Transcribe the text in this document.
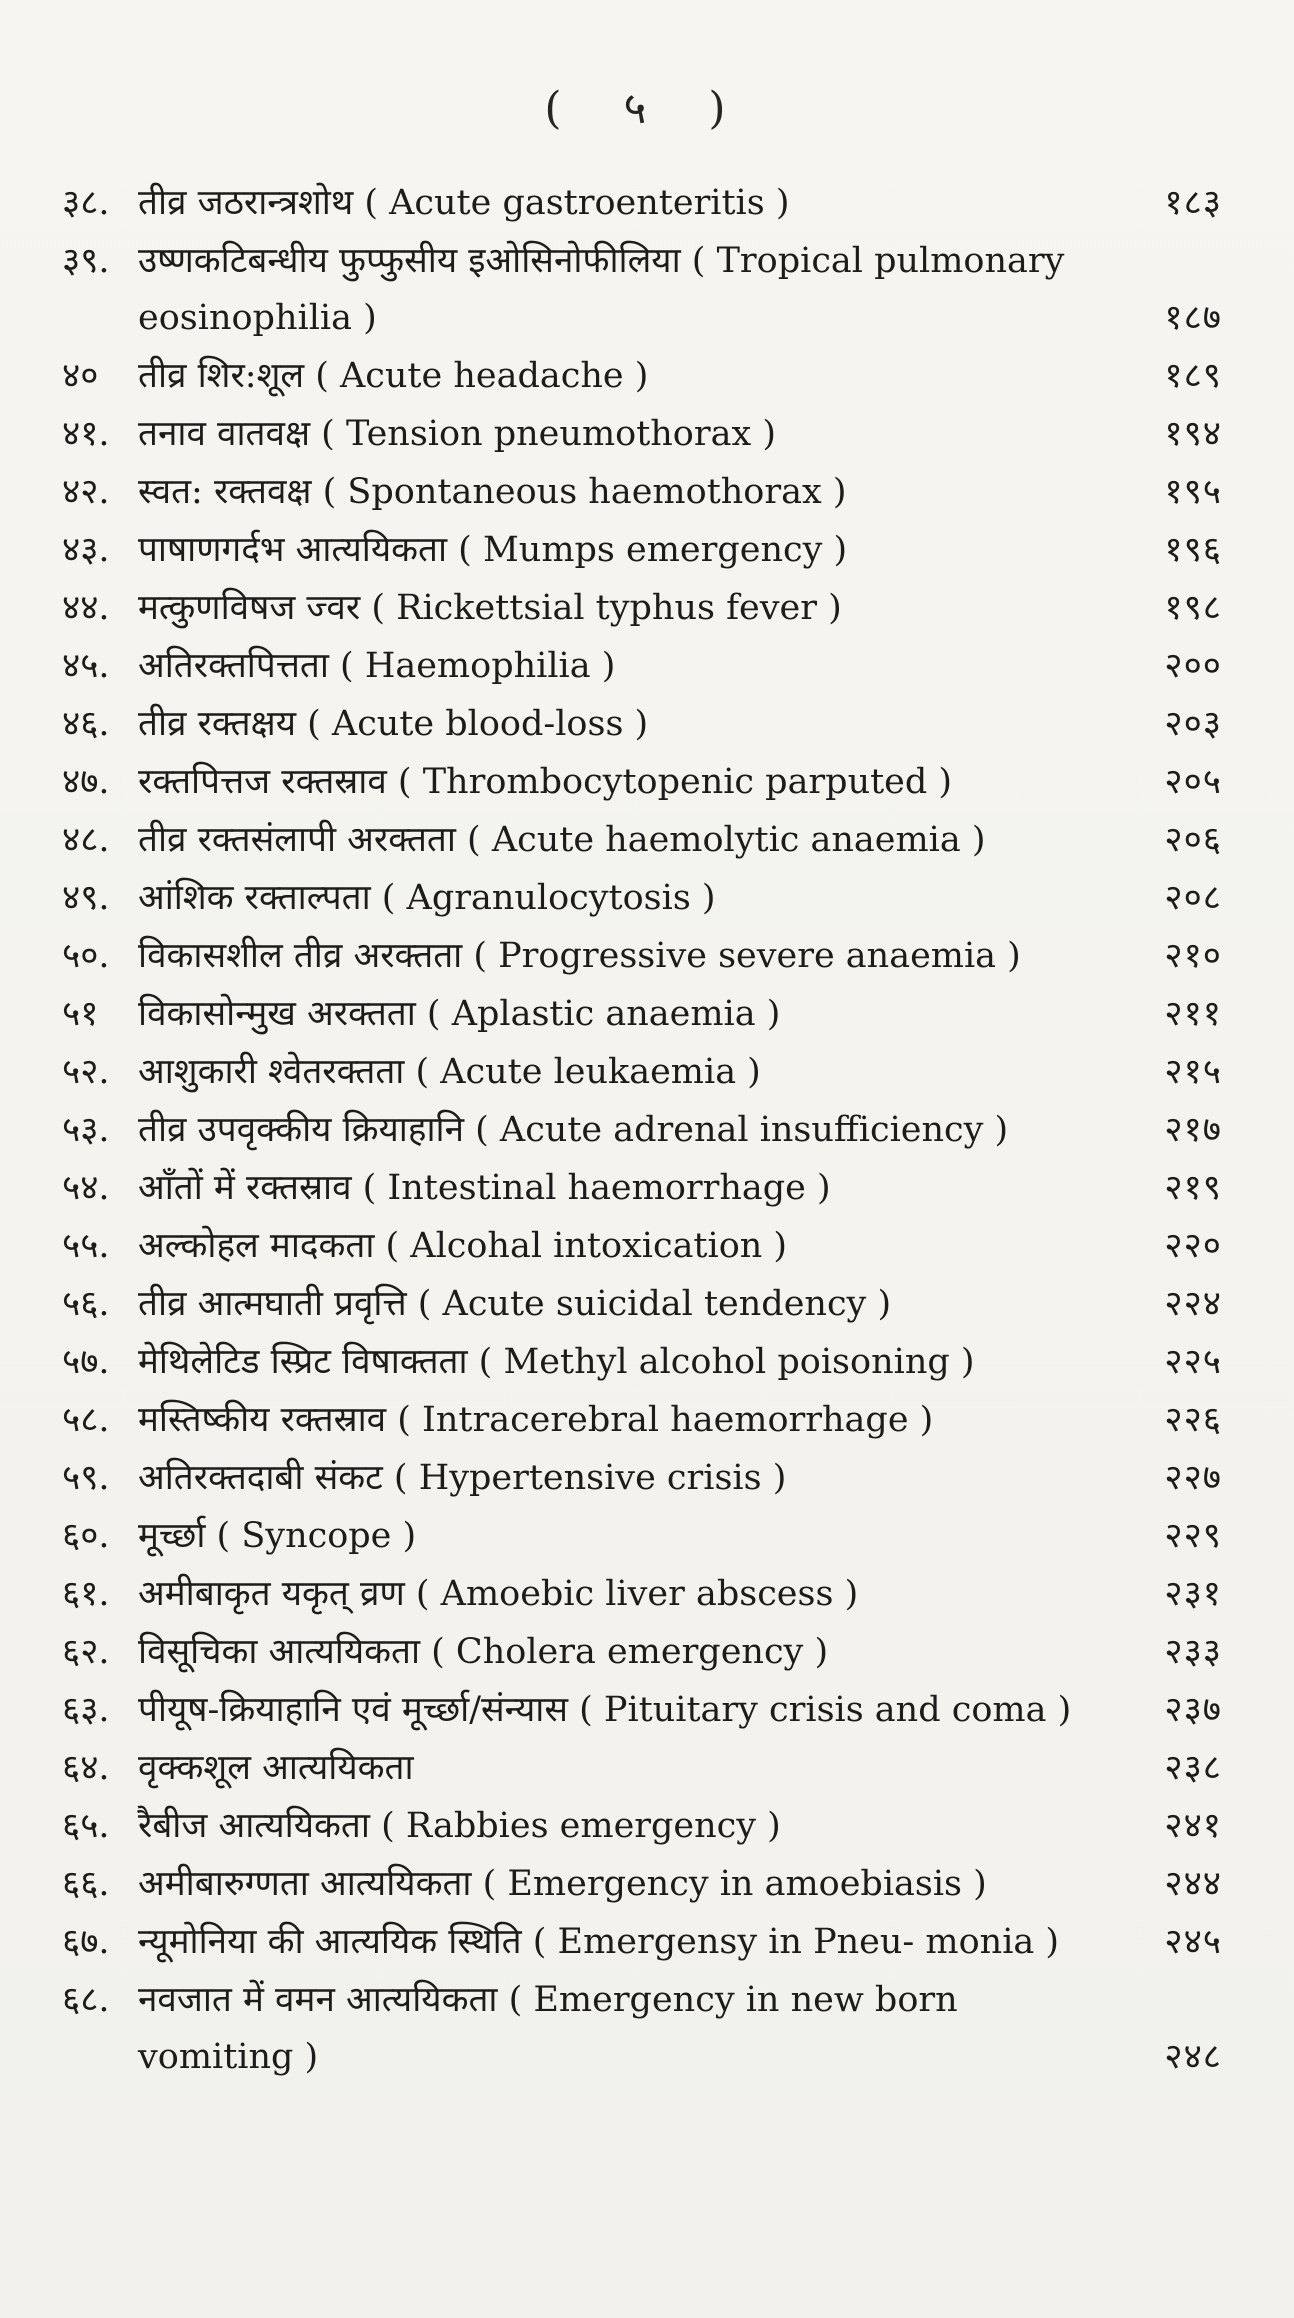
( ५ )
३८. तीव्र जठरान्त्रशोथ ( Acute gastroenteritis )	१८३
३९. उष्णकटिबन्धीय फुप्फुसीय इओसिनोफीलिया ( Tropical pulmonary eosinophilia )	१८७
४०	तीव्र शिर:शूल ( Acute headache )	१८९
४१. तनाव वातवक्ष ( Tension pneumothorax )	१९४
४२. स्वत: रक्तवक्ष ( Spontaneous haemothorax )	१९५
४३. पाषाणगर्दभ आत्ययिकता ( Mumps emergency )	१९६
४४. मत्कुणविषज ज्वर ( Rickettsial typhus fever )	१९८
४५. अतिरक्तपित्तता ( Haemophilia )	२००
४६. तीव्र रक्तक्षय ( Acute blood-loss )	२०३
४७. रक्तपित्तज रक्तस्राव ( Thrombocytopenic parputed )	२०५
४८. तीव्र रक्तसंलापी अरक्तता ( Acute haemolytic anaemia )	२०६
४९. आंशिक रक्ताल्पता ( Agranulocytosis )	२०८
५०. विकासशील तीव्र अरक्तता ( Progressive severe anaemia )	२१०
५१	विकासोन्मुख अरक्तता ( Aplastic anaemia )	२११
५२. आशुकारी श्वेतरक्तता ( Acute leukaemia )	२१५
५३. तीव्र उपवृक्कीय क्रियाहानि ( Acute adrenal insufficiency )	२१७
५४. आँतों में रक्तस्राव ( Intestinal haemorrhage )	२१९
५५. अल्कोहल मादकता ( Alcohal intoxication )	२२०
५६. तीव्र आत्मघाती प्रवृत्ति ( Acute suicidal tendency )	२२४
५७. मेथिलेटिड स्प्रिट विषाक्तता ( Methyl alcohol poisoning )	२२५
५८. मस्तिष्कीय रक्तस्राव ( Intracerebral haemorrhage )	२२६
५९. अतिरक्तदाबी संकट ( Hypertensive crisis )	२२७
६०. मूर्च्छा ( Syncope )	२२९
६१. अमीबाकृत यकृत् व्रण ( Amoebic liver abscess )	२३१
६२. विसूचिका आत्ययिकता ( Cholera emergency )	२३३
६३. पीयूष-क्रियाहानि एवं मूर्च्छा/संन्यास ( Pituitary crisis and coma )	२३७
६४. वृक्कशूल आत्ययिकता	२३८
६५. रैबीज आत्ययिकता ( Rabbies emergency )	२४१
६६. अमीबारुग्णता आत्ययिकता ( Emergency in amoebiasis )	२४४
६७. न्यूमोनिया की आत्ययिक स्थिति ( Emergensy in Pneu- monia )	२४५
६८. नवजात में वमन आत्ययिकता ( Emergency in new born vomiting )	२४८
